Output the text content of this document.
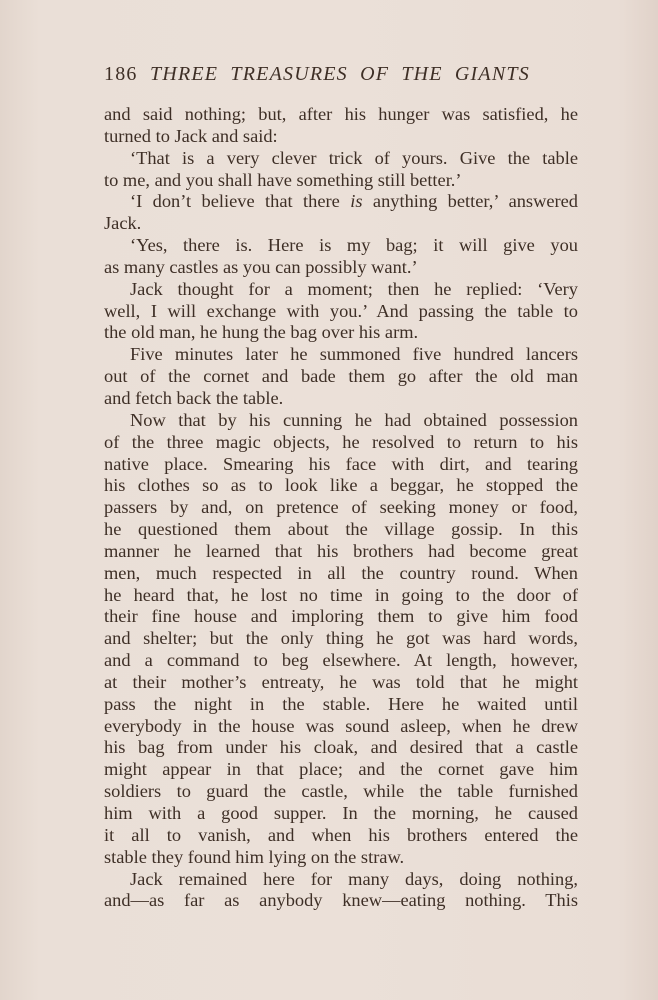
186 THREE TREASURES OF THE GIANTS
and said nothing; but, after his hunger was satisfied, he
turned to Jack and said:
‘That is a very clever trick of yours. Give the table
to me, and you shall have something still better.’
‘I don’t believe that there is anything better,’ answered
Jack.
‘Yes, there is. Here is my bag; it will give you
as many castles as you can possibly want.’
Jack thought for a moment; then he replied: ‘Very
well, I will exchange with you.’ And passing the table to
the old man, he hung the bag over his arm.
Five minutes later he summoned five hundred lancers
out of the cornet and bade them go after the old man
and fetch back the table.
Now that by his cunning he had obtained possession
of the three magic objects, he resolved to return to his
native place. Smearing his face with dirt, and tearing
his clothes so as to look like a beggar, he stopped the
passers by and, on pretence of seeking money or food,
he questioned them about the village gossip. In this
manner he learned that his brothers had become great
men, much respected in all the country round. When
he heard that, he lost no time in going to the door of
their fine house and imploring them to give him food
and shelter; but the only thing he got was hard words,
and a command to beg elsewhere. At length, however,
at their mother’s entreaty, he was told that he might
pass the night in the stable. Here he waited until
everybody in the house was sound asleep, when he drew
his bag from under his cloak, and desired that a castle
might appear in that place; and the cornet gave him
soldiers to guard the castle, while the table furnished
him with a good supper. In the morning, he caused
it all to vanish, and when his brothers entered the
stable they found him lying on the straw.
Jack remained here for many days, doing nothing,
and—as far as anybody knew—eating nothing. This
